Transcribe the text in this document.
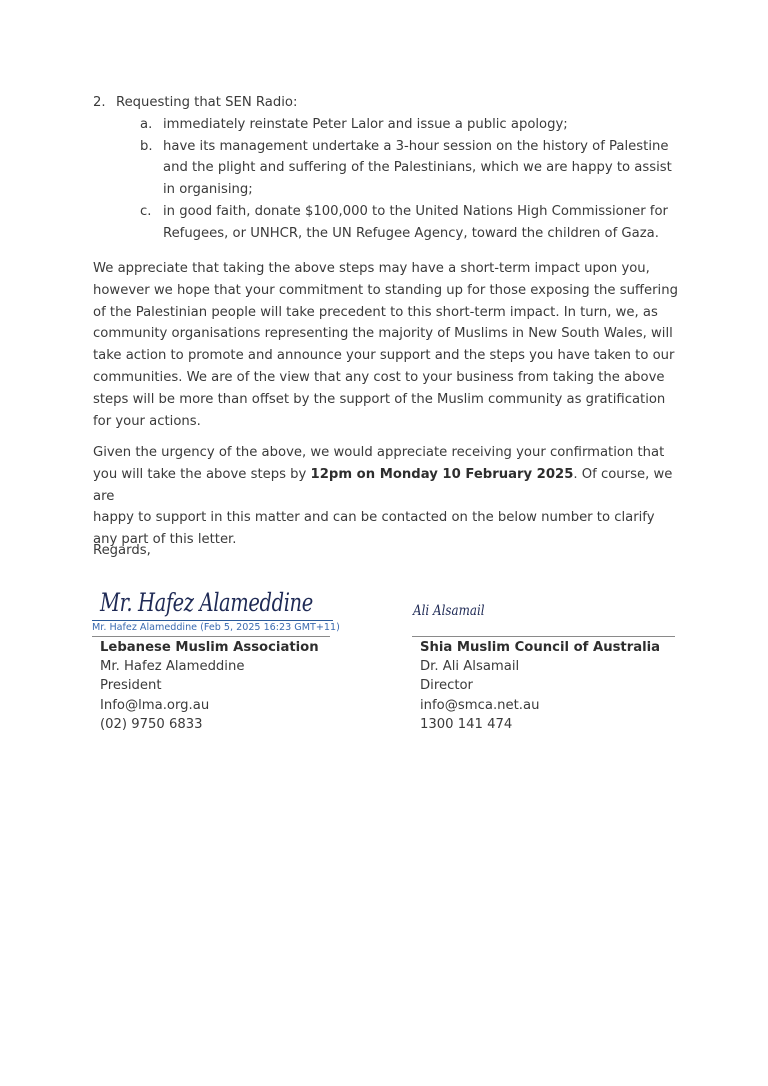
2. Requesting that SEN Radio:
a. immediately reinstate Peter Lalor and issue a public apology;
b. have its management undertake a 3-hour session on the history of Palestine
and the plight and suffering of the Palestinians, which we are happy to assist
in organising;
c. in good faith, donate $100,000 to the United Nations High Commissioner for
Refugees, or UNHCR, the UN Refugee Agency, toward the children of Gaza.
We appreciate that taking the above steps may have a short-term impact upon you,
however we hope that your commitment to standing up for those exposing the suffering
of the Palestinian people will take precedent to this short-term impact. In turn, we, as
community organisations representing the majority of Muslims in New South Wales, will
take action to promote and announce your support and the steps you have taken to our
communities. We are of the view that any cost to your business from taking the above
steps will be more than offset by the support of the Muslim community as gratification
for your actions.
Given the urgency of the above, we would appreciate receiving your confirmation that
you will take the above steps by 12pm on Monday 10 February 2025. Of course, we are
happy to support in this matter and can be contacted on the below number to clarify
any part of this letter.
Regards,
Mr. Hafez Alameddine
Mr. Hafez Alameddine (Feb 5, 2025 16:23 GMT+11)
Ali Alsamail
Lebanese Muslim Association
Mr. Hafez Alameddine
President
Info@lma.org.au
(02) 9750 6833
Shia Muslim Council of Australia
Dr. Ali Alsamail
Director
info@smca.net.au
1300 141 474
